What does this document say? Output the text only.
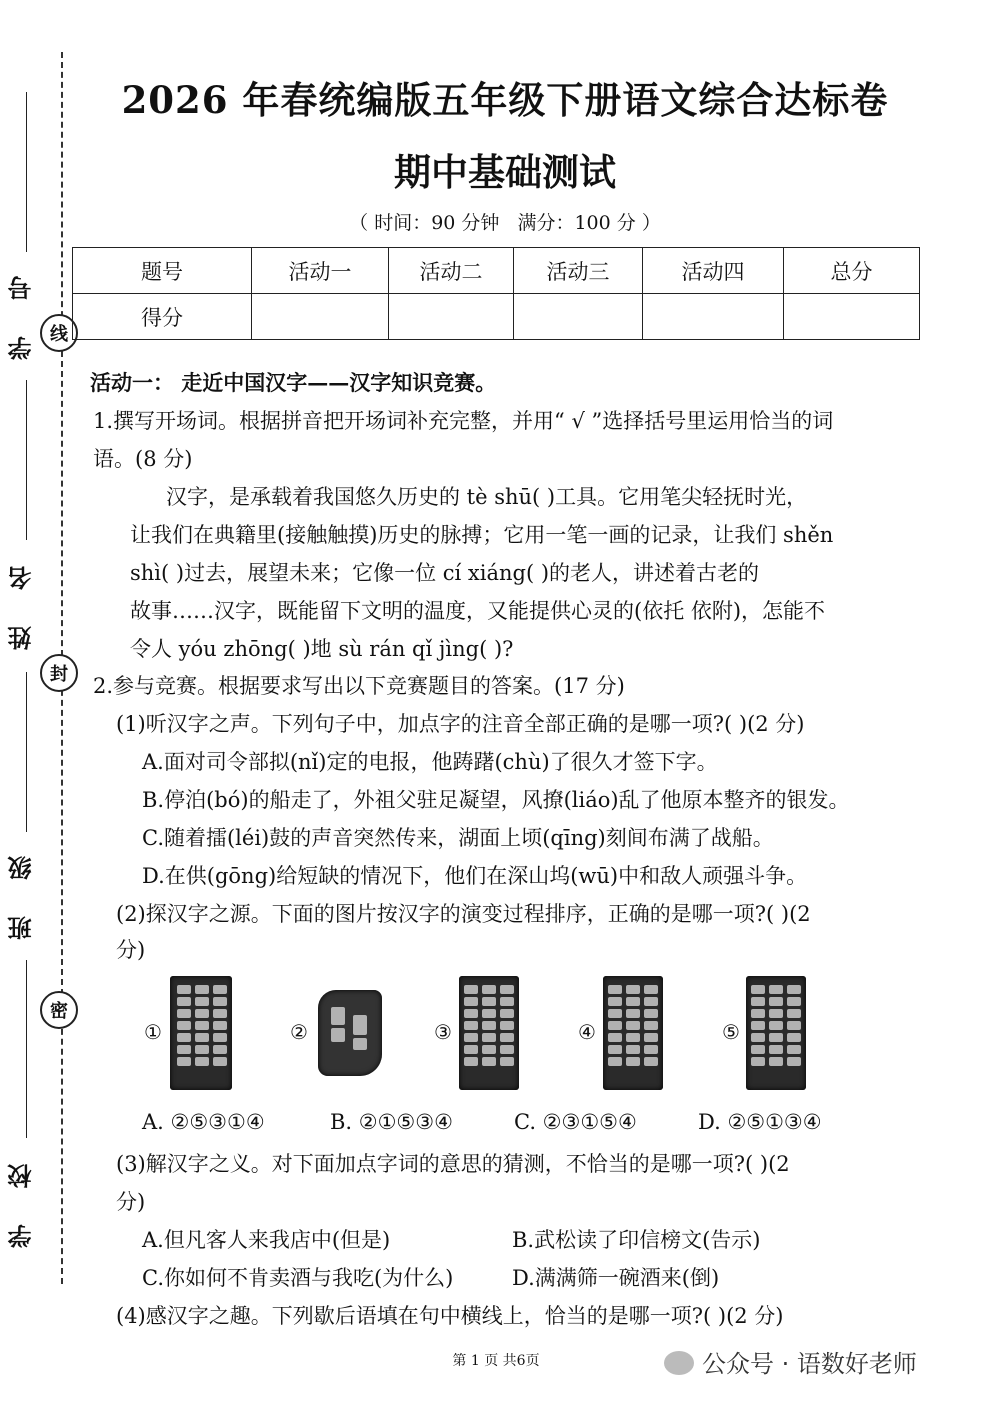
线
封
密
学 号
姓 名
班 级
学 校
2026 年春统编版五年级下册语文综合达标卷
期中基础测试
（ 时间：90 分钟 满分：100 分 ）
题号	活动一	活动二	活动三	活动四	总分
得分					
活动一： 走近中国汉字——汉字知识竞赛。
1.撰写开场词。根据拼音把开场词补充完整，并用“ √ ”选择括号里运用恰当的词
语。(8 分)
汉字，是承载着我国悠久历史的 tè shū( )工具。它用笔尖轻抚时光，
让我们在典籍里(接触触摸)历史的脉搏；它用一笔一画的记录，让我们 shěn
shì( )过去，展望未来；它像一位 cí xiáng( )的老人，讲述着古老的
故事……汉字，既能留下文明的温度，又能提供心灵的(依托 依附)，怎能不
令人 yóu zhōng( )地 sù rán qǐ jìng( )?
2.参与竞赛。根据要求写出以下竞赛题目的答案。(17 分)
(1)听汉字之声。下列句子中，加点字的注音全部正确的是哪一项?( )(2 分)
A.面对司令部拟(nǐ)定的电报，他踌躇(chù)了很久才签下字。
B.停泊(bó)的船走了，外祖父驻足凝望，风撩(liáo)乱了他原本整齐的银发。
C.随着擂(léi)鼓的声音突然传来，湖面上顷(qīng)刻间布满了战船。
D.在供(gōng)给短缺的情况下，他们在深山坞(wū)中和敌人顽强斗争。
(2)探汉字之源。下面的图片按汉字的演变过程排序，正确的是哪一项?( )(2
分)
①	②	③	④	⑤
A. ②⑤③①④	B. ②①⑤③④	C. ②③①⑤④	D. ②⑤①③④
(3)解汉字之义。对下面加点字词的意思的猜测，不恰当的是哪一项?( )(2
分)
A.但凡客人来我店中(但是)	B.武松读了印信榜文(告示)
C.你如何不肯卖酒与我吃(为什么)	D.满满筛一碗酒来(倒)
(4)感汉字之趣。下列歇后语填在句中横线上，恰当的是哪一项?( )(2 分)
第 1 页 共6页	公众号 · 语数好老师
